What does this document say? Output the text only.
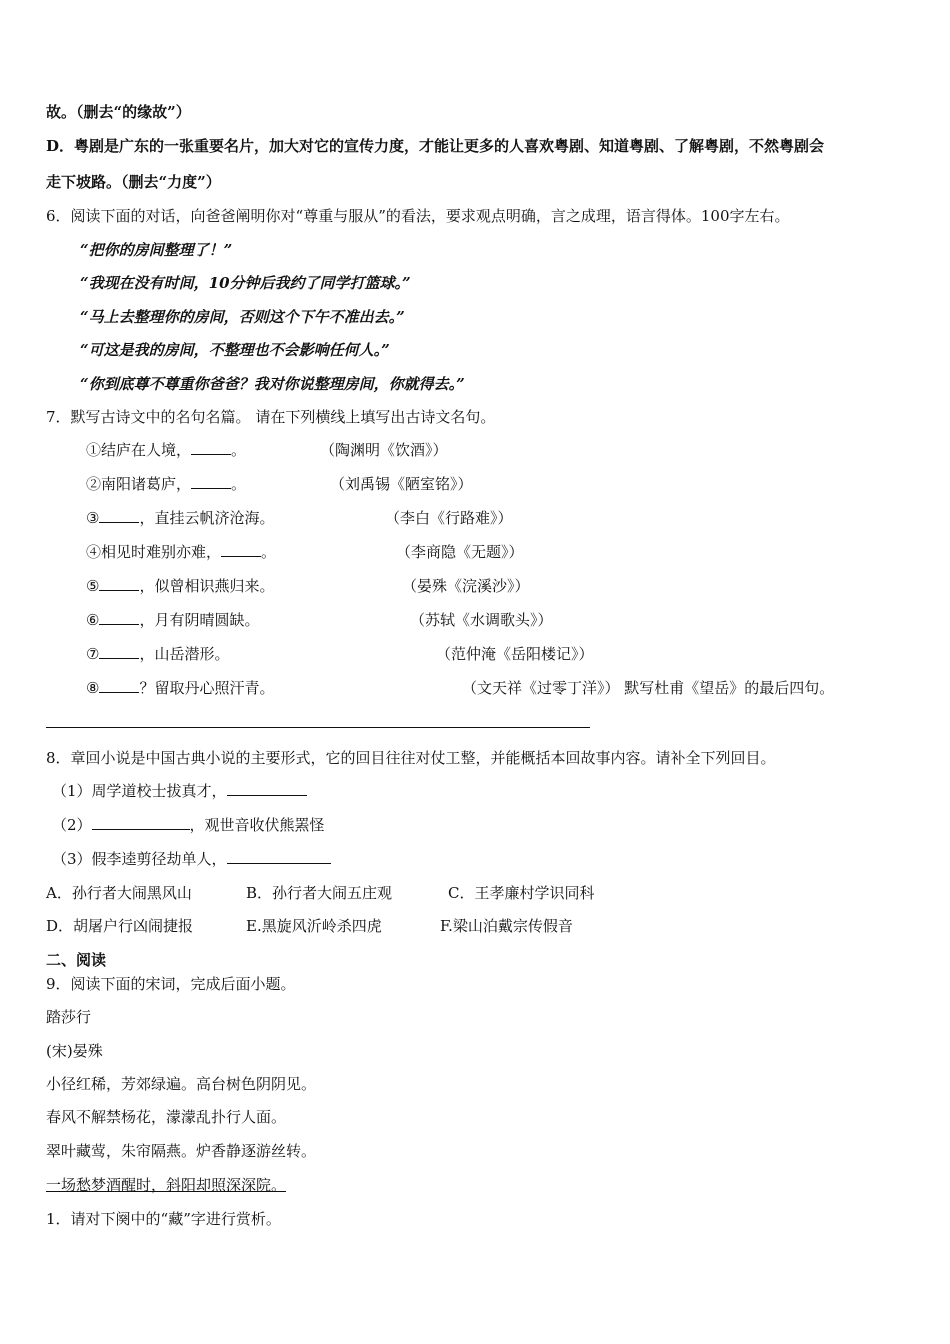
故。（删去“的缘故”）
D．粤剧是广东的一张重要名片，加大对它的宣传力度，才能让更多的人喜欢粤剧、知道粤剧、了解粤剧，不然粤剧会
走下坡路。（删去“力度”）
6．阅读下面的对话，向爸爸阐明你对“尊重与服从”的看法，要求观点明确，言之成理，语言得体。100字左右。
“把你的房间整理了！”
“我现在没有时间，10分钟后我约了同学打篮球。”
“马上去整理你的房间，否则这个下午不准出去。”
“可这是我的房间，不整理也不会影响任何人。”
“你到底尊不尊重你爸爸？我对你说整理房间，你就得去。”
7．默写古诗文中的名句名篇。 请在下列横线上填写出古诗文名句。
①结庐在人境，	。	（陶渊明《饮酒》）
②南阳诸葛庐，	。	（刘禹锡《陋室铭》）
③	，直挂云帆济沧海。	（李白《行路难》）
④相见时难别亦难，	。	（李商隐《无题》）
⑤	，似曾相识燕归来。	（晏殊《浣溪沙》）
⑥	，月有阴晴圆缺。	（苏轼《水调歌头》）
⑦	，山岳潜形。	（范仲淹《岳阳楼记》）
⑧	？留取丹心照汗青。	（文天祥《过零丁洋》） 默写杜甫《望岳》的最后四句。
8．章回小说是中国古典小说的主要形式，它的回目往往对仗工整，并能概括本回故事内容。请补全下列回目。
（1）周学道校士拔真才，
（2）	，观世音收伏熊罴怪
（3）假李逵剪径劫单人，
A．孙行者大闹黑风山	B．孙行者大闹五庄观	C．王孝廉村学识同科
D．胡屠户行凶闹捷报	E.黑旋风沂岭杀四虎	F.梁山泊戴宗传假音
二、阅读
9．阅读下面的宋词，完成后面小题。
踏莎行
(宋)晏殊
小径红稀，芳郊绿遍。高台树色阴阴见。
春风不解禁杨花，濛濛乱扑行人面。
翠叶藏莺，朱帘隔燕。炉香静逐游丝转。
一场愁梦酒醒时，斜阳却照深深院。
1．请对下阕中的“藏”字进行赏析。
